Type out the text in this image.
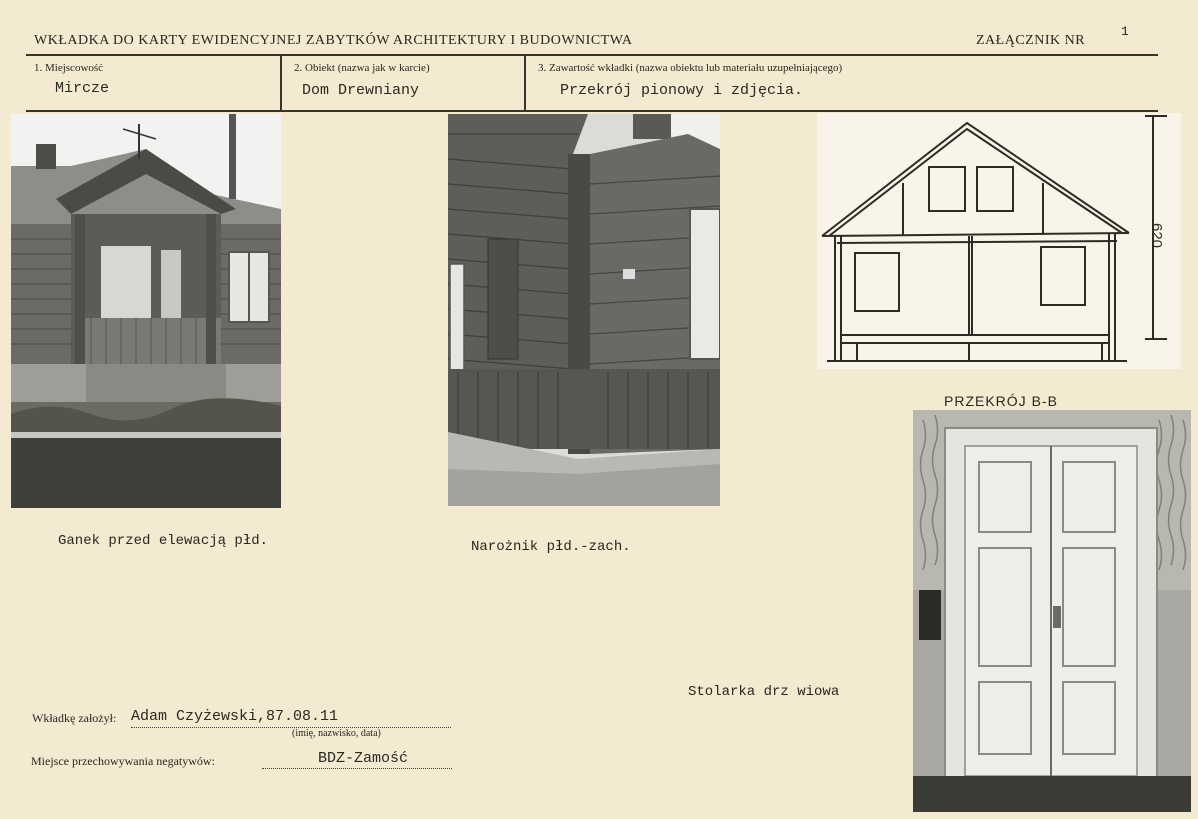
WKŁADKA DO KARTY EWIDENCYJNEJ ZABYTKÓW ARCHITEKTURY I BUDOWNICTWA	ZAŁĄCZNIK NR
1
1. Miejscowość
Mircze
2. Obiekt (nazwa jak w karcie)
Dom Drewniany
3. Zawartość wkładki (nazwa obiektu lub materiału uzupełniającego)
Przekrój pionowy i zdjęcia.
Ganek przed elewacją płd.	Narożnik płd.-zach.
620
PRZEKRÓJ B-B
Stolarka drz wiowa
Wkładkę założył: Adam Czyżewski,87.08.11
(imię, nazwisko, data)
Miejsce przechowywania negatywów:	BDZ-Zamość
